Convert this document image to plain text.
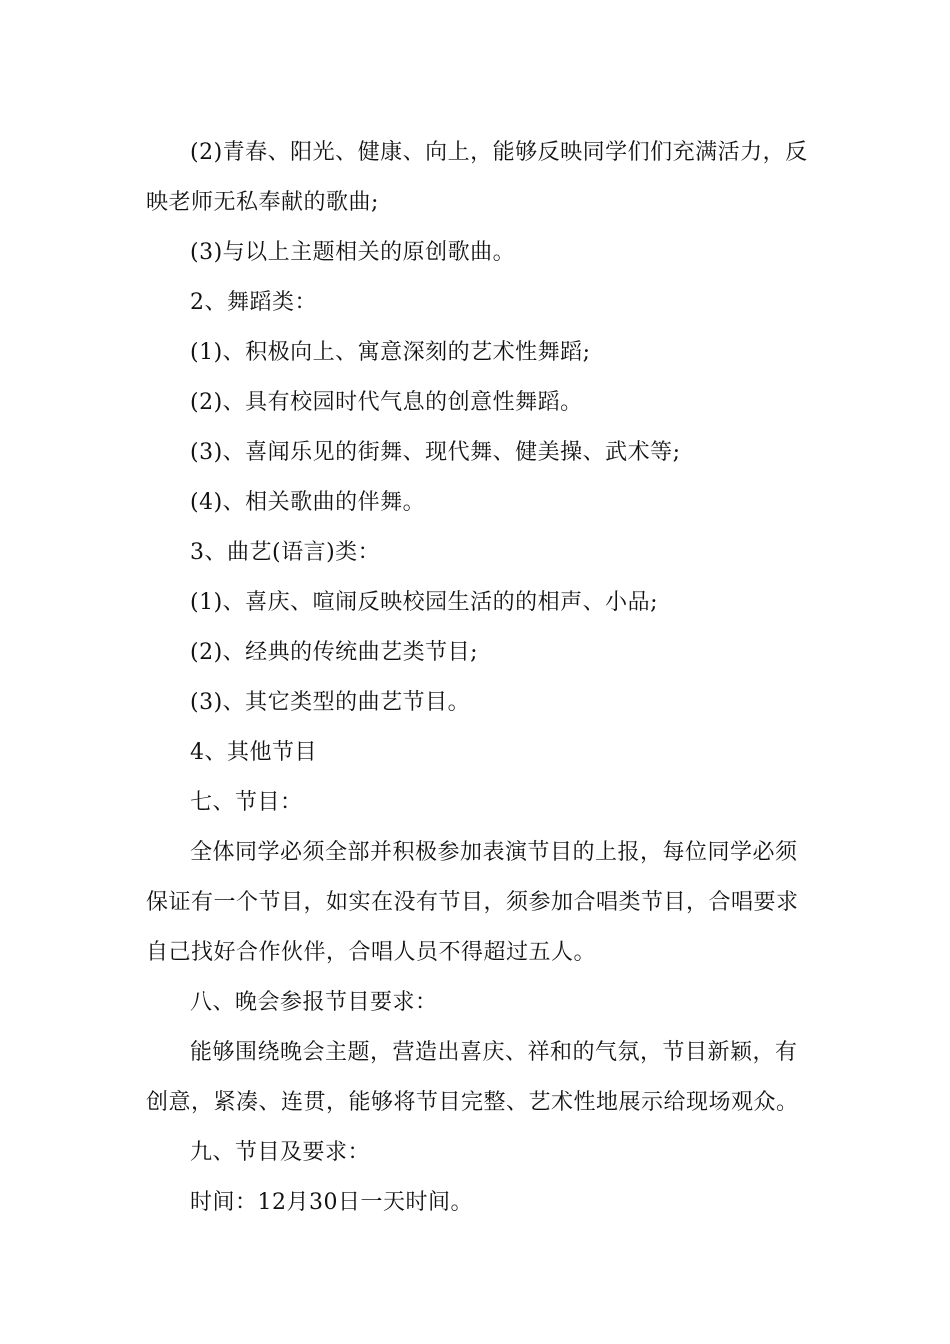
(2)青春、阳光、健康、向上，能够反映同学们们充满活力，反映老师无私奉献的歌曲;

(3)与以上主题相关的原创歌曲。

2、舞蹈类：

(1)、积极向上、寓意深刻的艺术性舞蹈;

(2)、具有校园时代气息的创意性舞蹈。

(3)、喜闻乐见的街舞、现代舞、健美操、武术等;

(4)、相关歌曲的伴舞。

3、曲艺(语言)类：

(1)、喜庆、喧闹反映校园生活的的相声、小品;

(2)、经典的传统曲艺类节目;

(3)、其它类型的曲艺节目。

4、其他节目

七、节目：

全体同学必须全部并积极参加表演节目的上报，每位同学必须保证有一个节目，如实在没有节目，须参加合唱类节目，合唱要求自己找好合作伙伴，合唱人员不得超过五人。

八、晚会参报节目要求：

能够围绕晚会主题，营造出喜庆、祥和的气氛，节目新颖，有创意，紧凑、连贯，能够将节目完整、艺术性地展示给现场观众。

九、节目及要求：

时间：12月30日一天时间。
